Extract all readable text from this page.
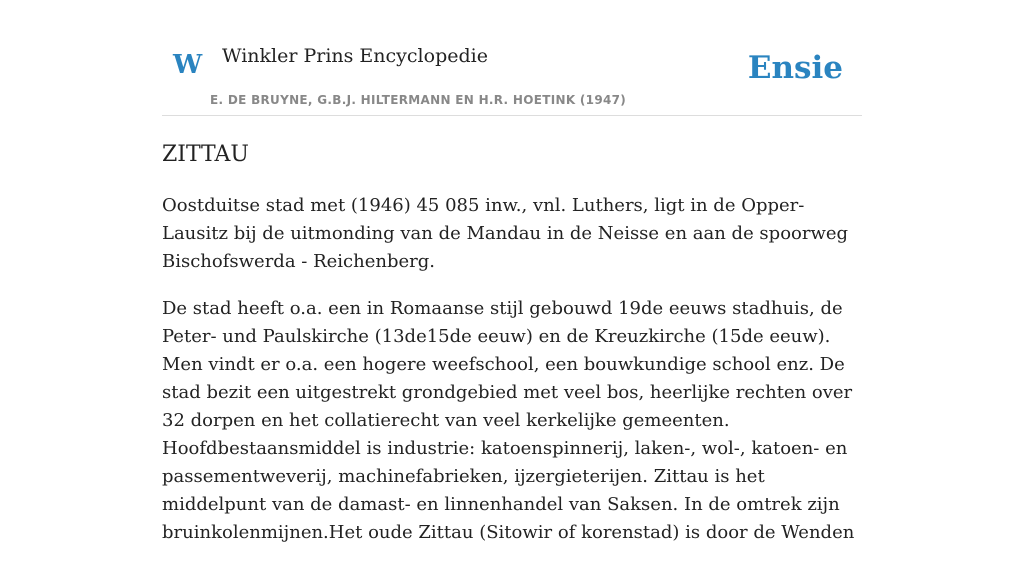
W Winkler Prins Encyclopedie
E. DE BRUYNE, G.B.J. HILTERMANN EN H.R. HOETINK (1947)
Ensie
ZITTAU

Oostduitse stad met (1946) 45 085 inw., vnl. Luthers, ligt in de Opper-Lausitz bij de uitmonding van de Mandau in de Neisse en aan de spoorweg Bischofswerda - Reichenberg.

De stad heeft o.a. een in Romaanse stijl gebouwd 19de eeuws stadhuis, de Peter- und Paulskirche (13de15de eeuw) en de Kreuzkirche (15de eeuw). Men vindt er o.a. een hogere weefschool, een bouwkundige school enz. De stad bezit een uitgestrekt grondgebied met veel bos, heerlijke rechten over 32 dorpen en het collatierecht van veel kerkelijke gemeenten. Hoofdbestaansmiddel is industrie: katoenspinnerij, laken-, wol-, katoen- en passementweverij, machinefabrieken, ijzergieterijen. Zittau is het middelpunt van de damast- en linnenhandel van Saksen. In de omtrek zijn bruinkolenmijnen.Het oude Zittau (Sitowir of korenstad) is door de Wenden
